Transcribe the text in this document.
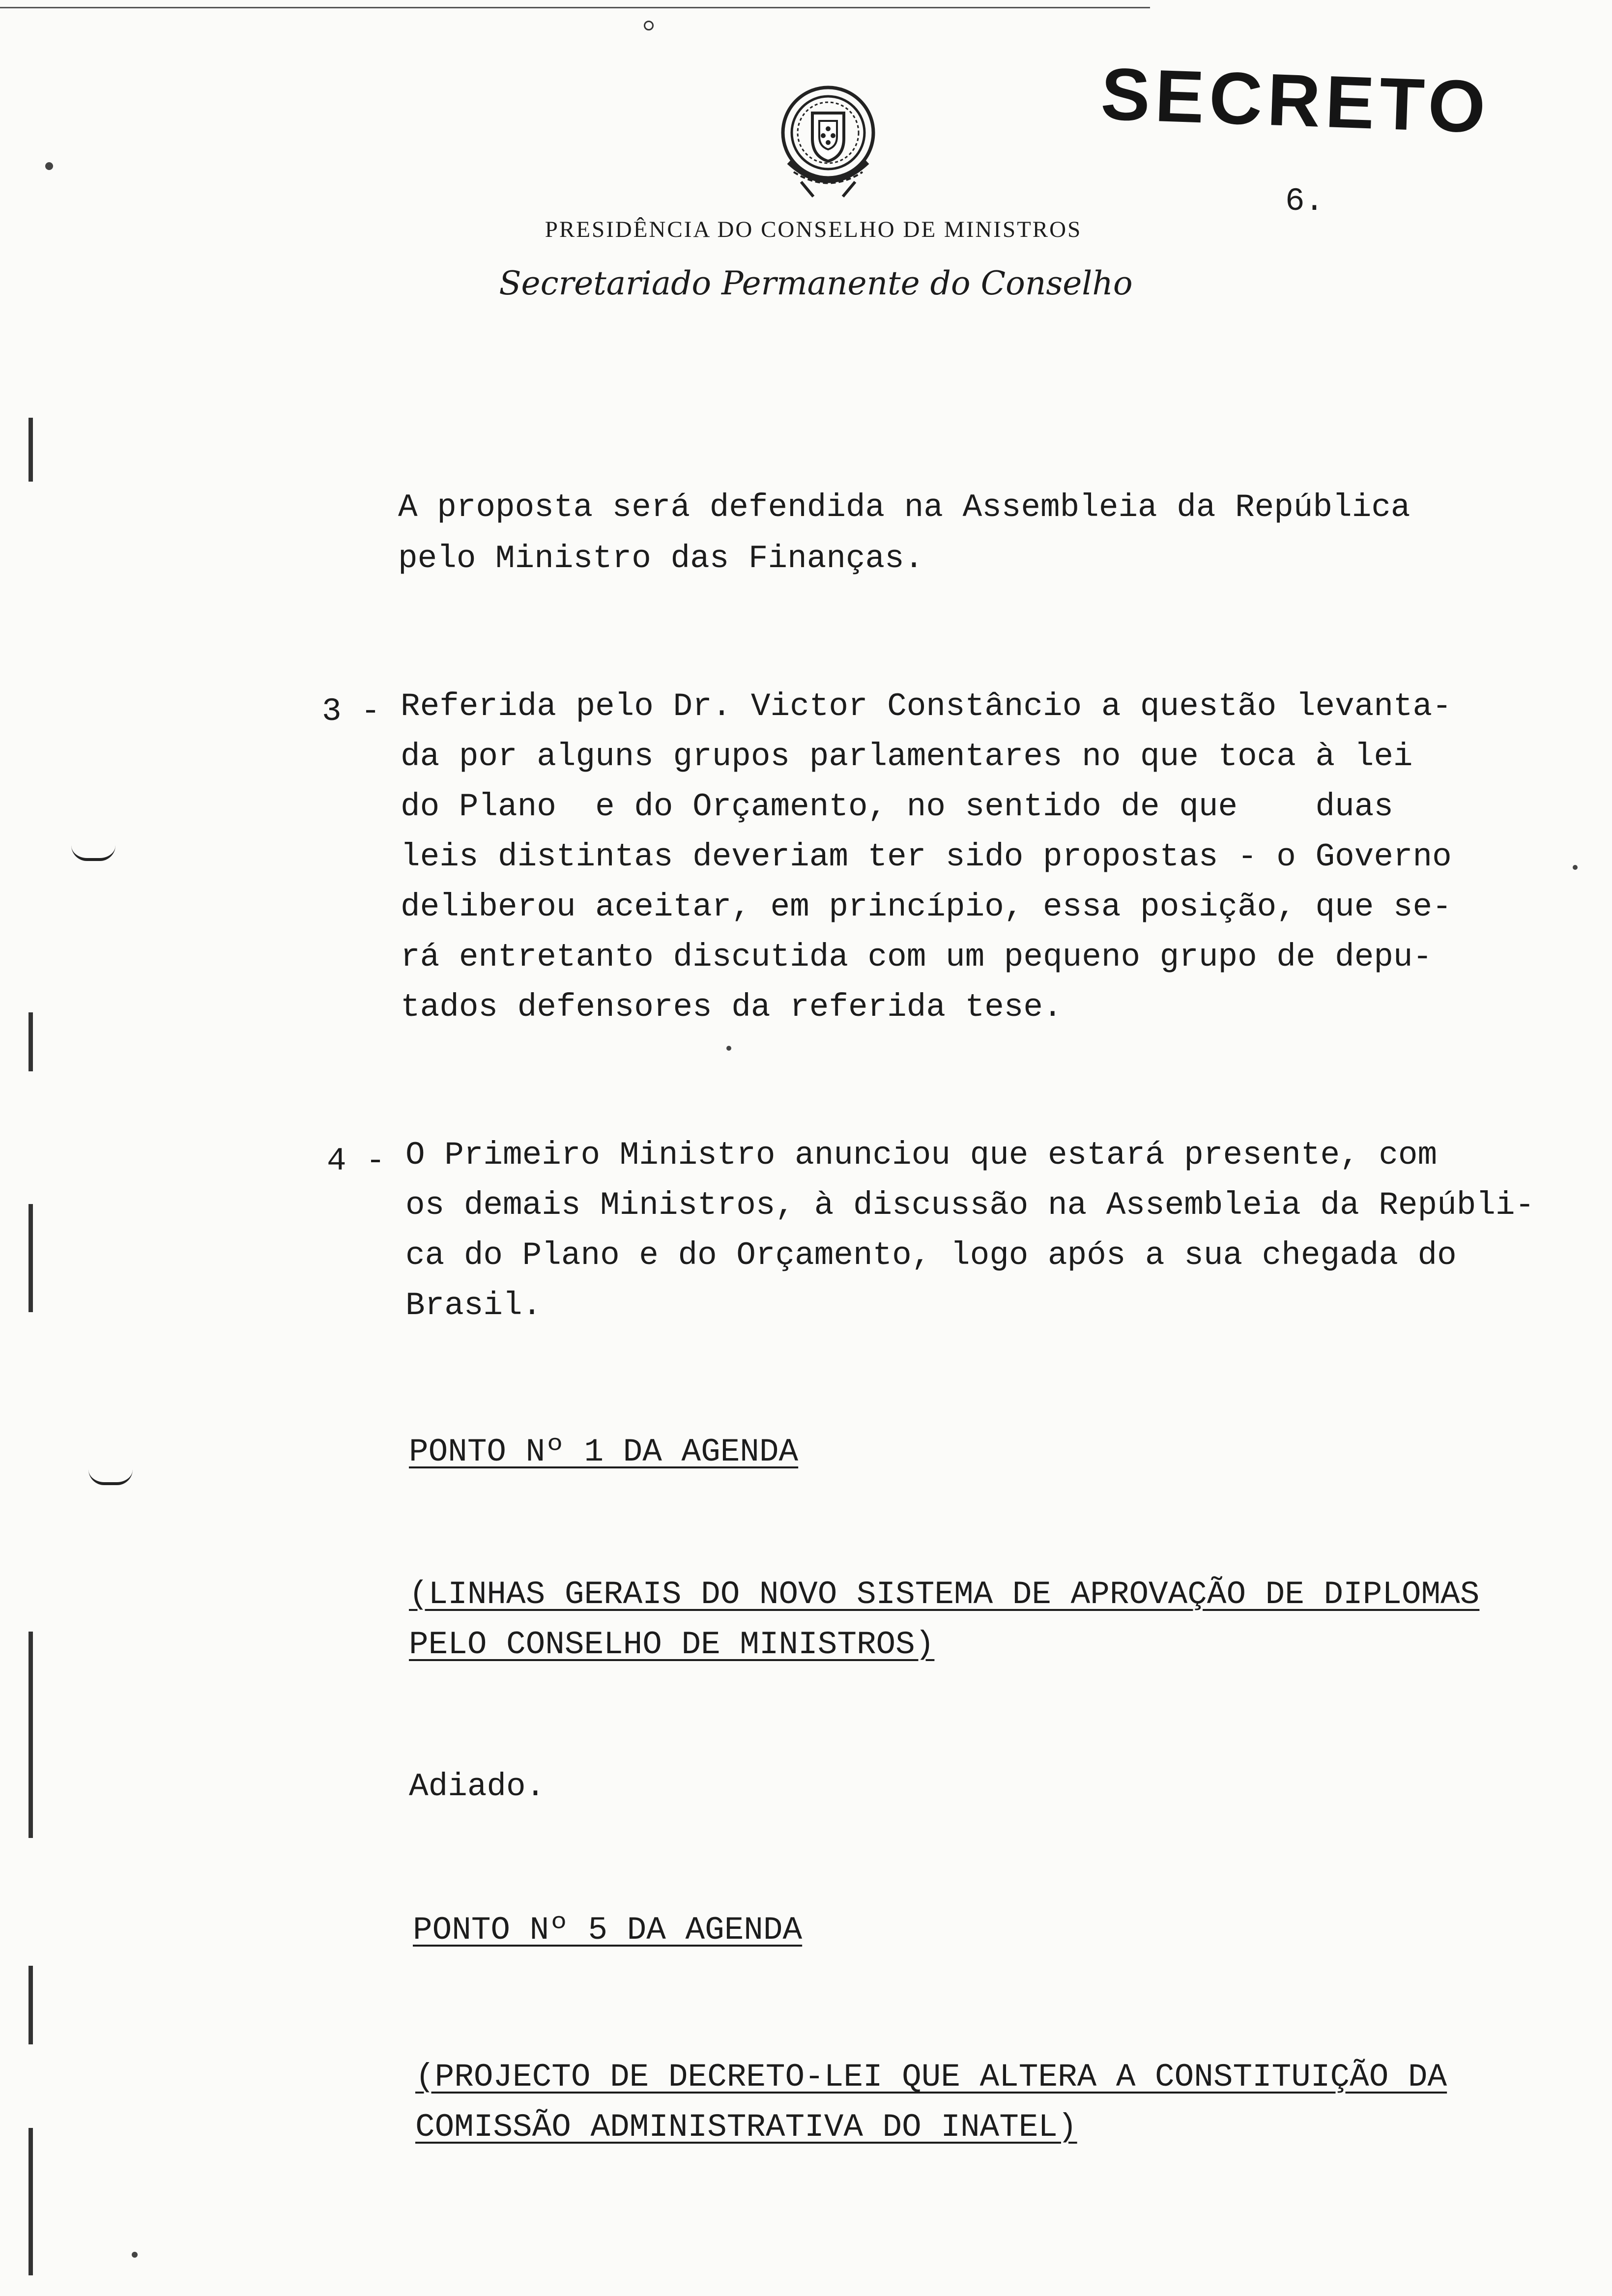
SECRETO
6.
PRESIDÊNCIA DO CONSELHO DE MINISTROS
Secretariado Permanente do Conselho
A proposta será defendida na Assembleia da República
pelo Ministro das Finanças.
3 - Referida pelo Dr. Victor Constâncio a questão levanta-
da por alguns grupos parlamentares no que toca à lei
do Plano  e do Orçamento, no sentido de que    duas
leis distintas deveriam ter sido propostas - o Governo
deliberou aceitar, em princípio, essa posição, que se-
rá entretanto discutida com um pequeno grupo de depu-
tados defensores da referida tese.
4 - O Primeiro Ministro anunciou que estará presente, com
os demais Ministros, à discussão na Assembleia da Repúbli-
ca do Plano e do Orçamento, logo após a sua chegada do
Brasil.
PONTO Nº 1 DA AGENDA
(LINHAS GERAIS DO NOVO SISTEMA DE APROVAÇÃO DE DIPLOMAS
PELO CONSELHO DE MINISTROS)
Adiado.
PONTO Nº 5 DA AGENDA
(PROJECTO DE DECRETO-LEI QUE ALTERA A CONSTITUIÇÃO DA
COMISSÃO ADMINISTRATIVA DO INATEL)
